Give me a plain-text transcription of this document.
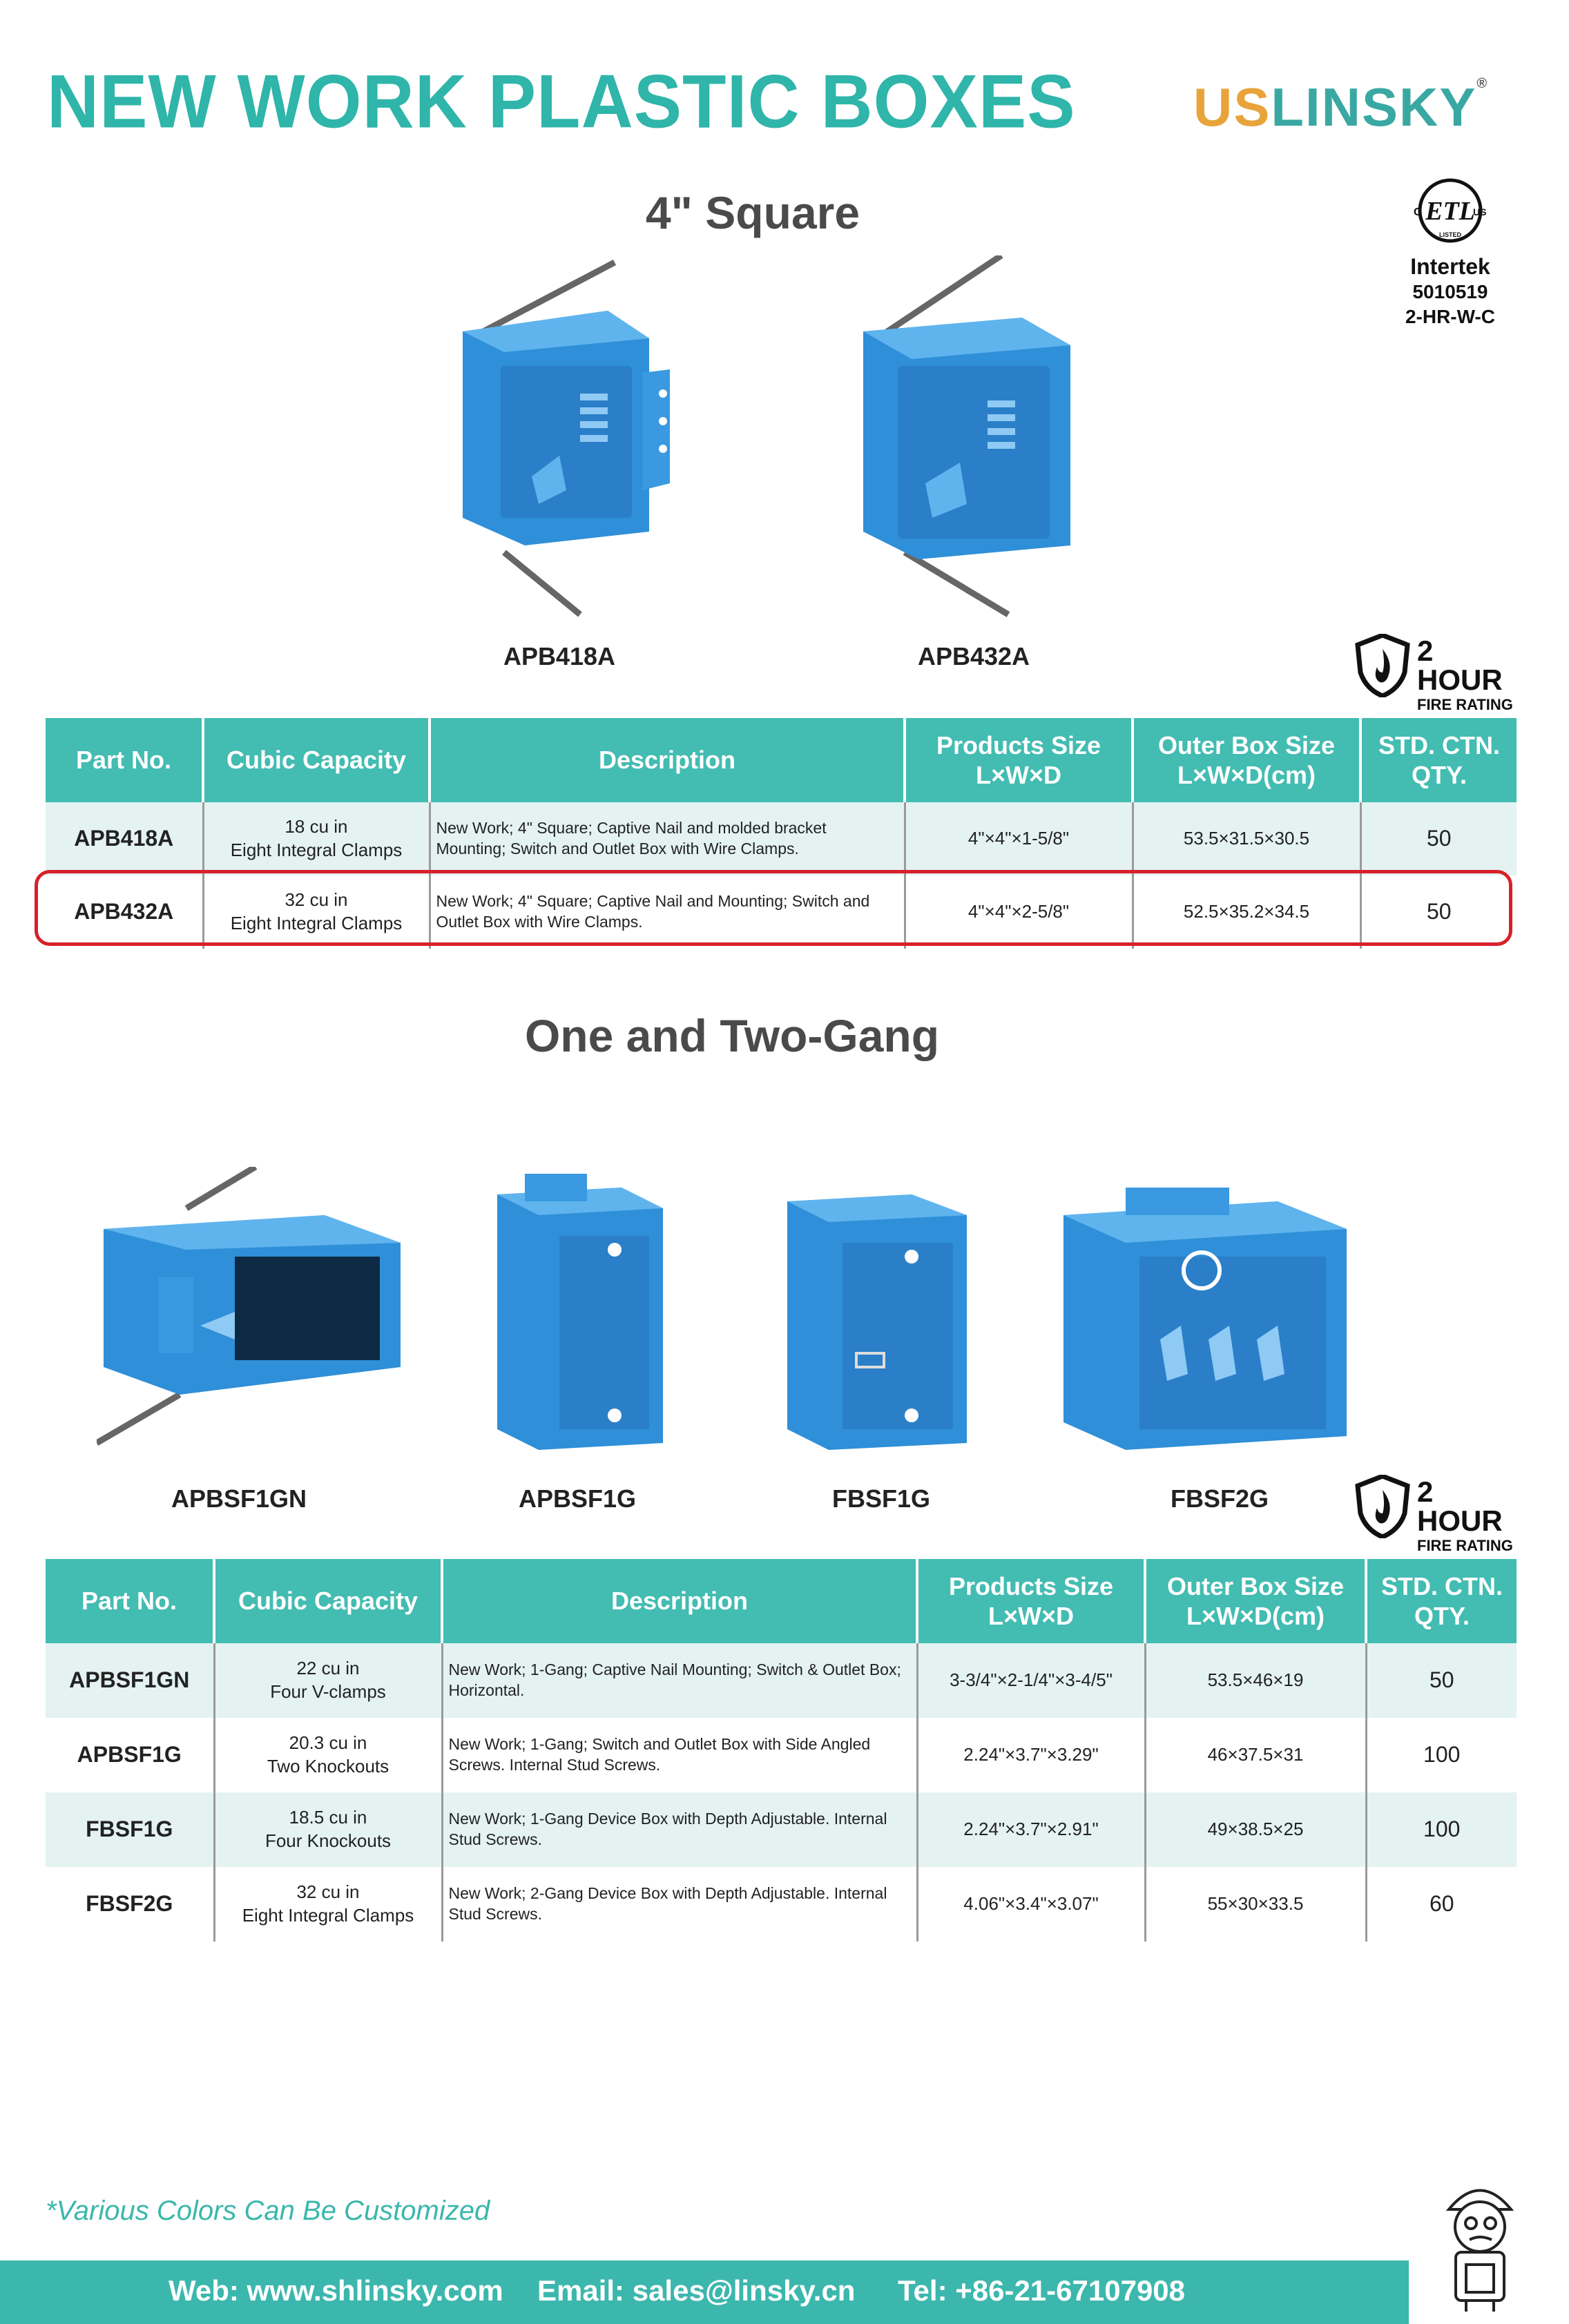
NEW WORK PLASTIC BOXES USLINSKY®
ETL
C	US
LISTED
Intertek
5010519
2-HR-W-C
4" Square
APB418A	APB432A	2 HOUR
FIRE RATING
Part No.	Cubic Capacity	Description	Products Size
L×W×D	Outer Box Size
L×W×D(cm)	STD. CTN.
QTY.
APB418A	18 cu in
Eight Integral Clamps	New Work; 4" Square; Captive Nail and molded bracket Mounting; Switch and Outlet Box with Wire Clamps.	4"×4"×1-5/8"	53.5×31.5×30.5	50
APB432A	32 cu in
Eight Integral Clamps	New Work; 4" Square; Captive Nail and Mounting; Switch and Outlet Box with Wire Clamps.	4"×4"×2-5/8"	52.5×35.2×34.5	50
One and Two-Gang
APBSF1GN	APBSF1G	FBSF1G	FBSF2G	2 HOUR
FIRE RATING
Part No.	Cubic Capacity	Description	Products Size
L×W×D	Outer Box Size
L×W×D(cm)	STD. CTN.
QTY.
APBSF1GN	22 cu in
Four V-clamps	New Work; 1-Gang; Captive Nail Mounting; Switch & Outlet Box; Horizontal.	3-3/4"×2-1/4"×3-4/5"	53.5×46×19	50
APBSF1G	20.3 cu in
Two Knockouts	New Work; 1-Gang; Switch and Outlet Box with Side Angled Screws. Internal Stud Screws.	2.24"×3.7"×3.29"	46×37.5×31	100
FBSF1G	18.5 cu in
Four Knockouts	New Work; 1-Gang Device Box with Depth Adjustable. Internal Stud Screws.	2.24"×3.7"×2.91"	49×38.5×25	100
FBSF2G	32 cu in
Eight Integral Clamps	New Work; 2-Gang Device Box with Depth Adjustable. Internal Stud Screws.	4.06"×3.4"×3.07"	55×30×33.5	60
*Various Colors Can Be Customized
Web: www.shlinsky.com Email: sales@linsky.cn Tel: +86-21-67107908
